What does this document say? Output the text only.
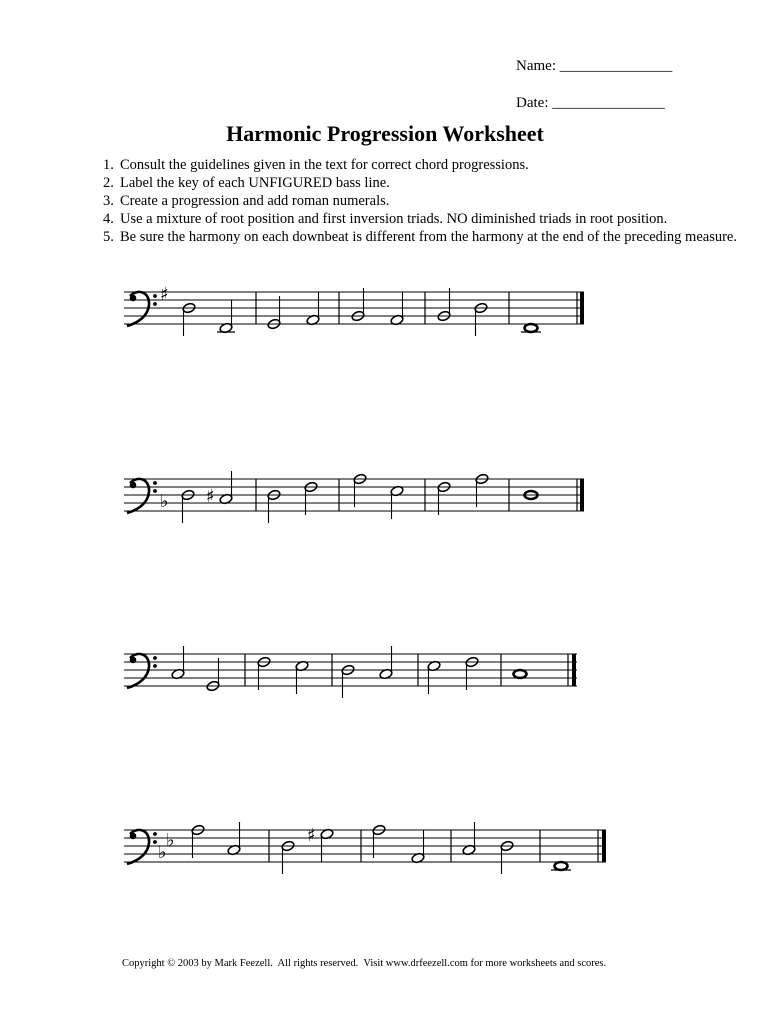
Name: _______________
Date: _______________
Harmonic Progression Worksheet
1. Consult the guidelines given in the text for correct chord progressions.
2. Label the key of each UNFIGURED bass line.
3. Create a progression and add roman numerals.
4. Use a mixture of root position and first inversion triads. NO diminished triads in root position.
5. Be sure the harmony on each downbeat is different from the harmony at the end of the preceding measure.
♯
♭ ♯
♭
♭	♯
Copyright © 2003 by Mark Feezell.  All rights reserved.  Visit www.drfeezell.com for more worksheets and scores.
